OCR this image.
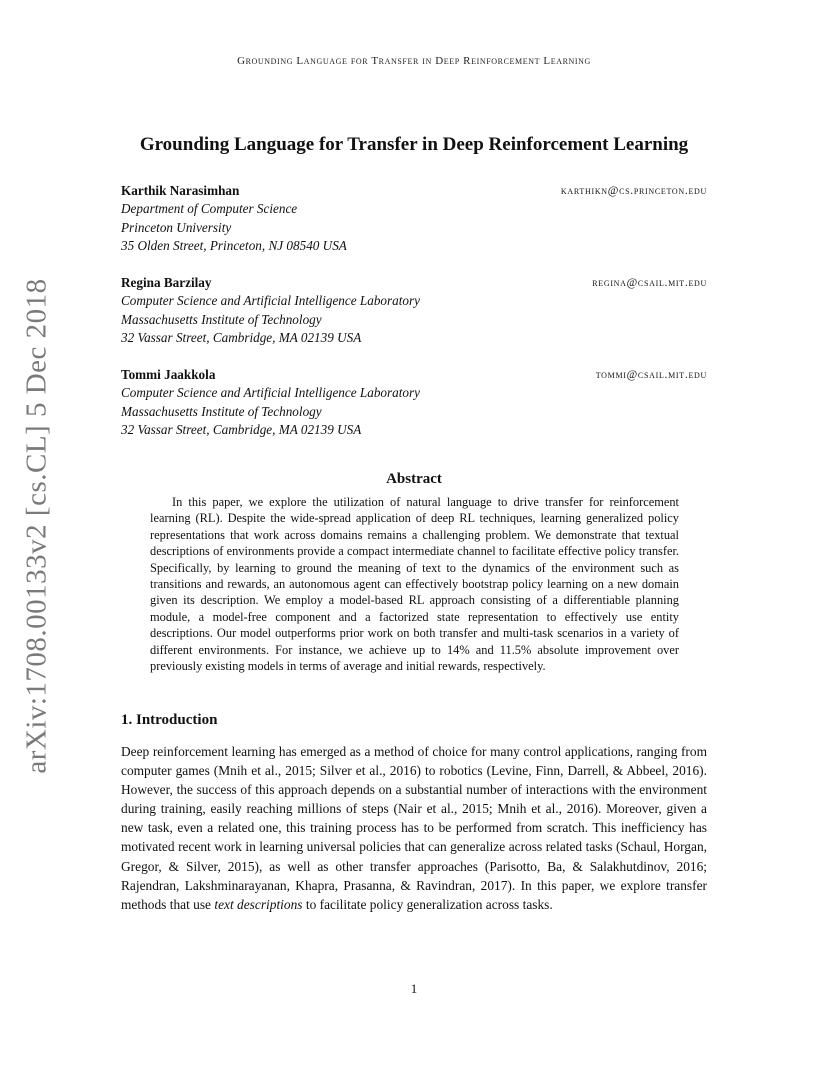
Grounding Language for Transfer in Deep Reinforcement Learning
Grounding Language for Transfer in Deep Reinforcement Learning
Karthik Narasimhan	karthikn@cs.princeton.edu
Department of Computer Science
Princeton University
35 Olden Street, Princeton, NJ 08540 USA
Regina Barzilay	regina@csail.mit.edu
Computer Science and Artificial Intelligence Laboratory
Massachusetts Institute of Technology
32 Vassar Street, Cambridge, MA 02139 USA
Tommi Jaakkola	tommi@csail.mit.edu
Computer Science and Artificial Intelligence Laboratory
Massachusetts Institute of Technology
32 Vassar Street, Cambridge, MA 02139 USA
arXiv:1708.00133v2 [cs.CL] 5 Dec 2018	Abstract

In this paper, we explore the utilization of natural language to drive transfer for reinforcement learning (RL). Despite the wide-spread application of deep RL techniques, learning generalized policy representations that work across domains remains a challenging problem. We demonstrate that textual descriptions of environments provide a compact intermediate channel to facilitate effective policy transfer. Specifically, by learning to ground the meaning of text to the dynamics of the environment such as transitions and rewards, an autonomous agent can effectively bootstrap policy learning on a new domain given its description. We employ a model-based RL approach consisting of a differentiable planning module, a model-free component and a factorized state representation to effectively use entity descriptions. Our model outperforms prior work on both transfer and multi-task scenarios in a variety of different environments. For instance, we achieve up to 14% and 11.5% absolute improvement over previously existing models in terms of average and initial rewards, respectively.

1. Introduction

Deep reinforcement learning has emerged as a method of choice for many control applications, ranging from computer games (Mnih et al., 2015; Silver et al., 2016) to robotics (Levine, Finn, Darrell, & Abbeel, 2016). However, the success of this approach depends on a substantial number of interactions with the environment during training, easily reaching millions of steps (Nair et al., 2015; Mnih et al., 2016). Moreover, given a new task, even a related one, this training process has to be performed from scratch. This inefficiency has motivated recent work in learning universal policies that can generalize across related tasks (Schaul, Horgan, Gregor, & Silver, 2015), as well as other transfer approaches (Parisotto, Ba, & Salakhutdinov, 2016; Rajendran, Lakshminarayanan, Khapra, Prasanna, & Ravindran, 2017). In this paper, we explore transfer methods that use text descriptions to facilitate policy generalization across tasks.

1
